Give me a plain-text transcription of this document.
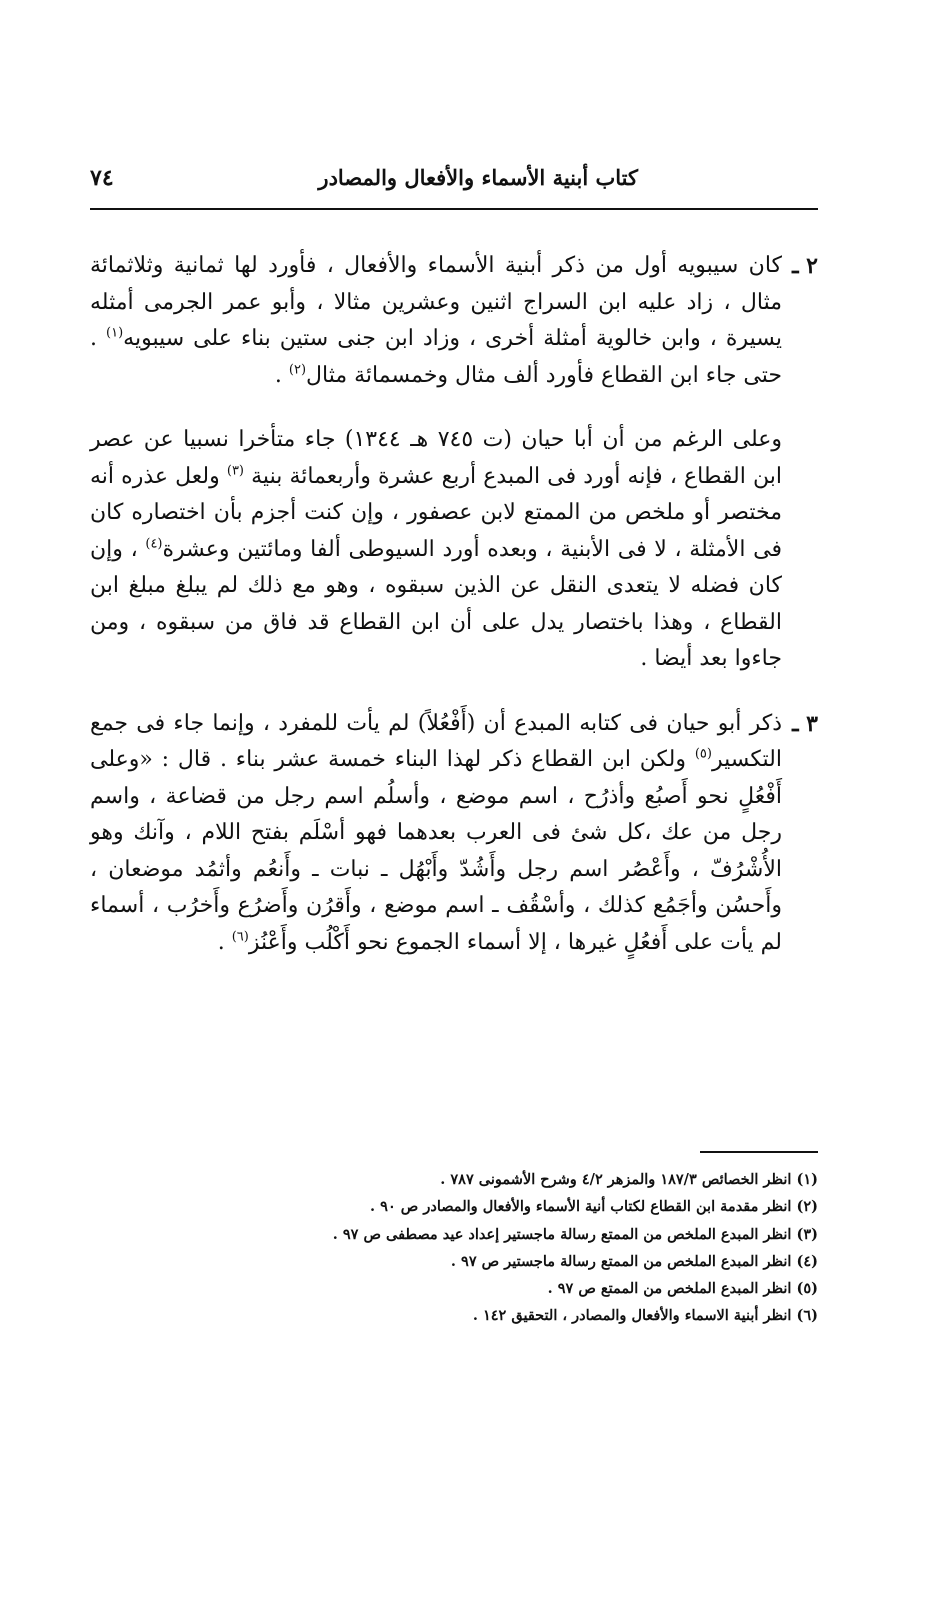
كتاب أبنية الأسماء والأفعال والمصادر
٧٤

٢ ـ
كان سيبويه أول من ذكر أبنية الأسماء والأفعال ، فأورد لها ثمانية وثلاثمائة مثال ، زاد عليه ابن السراج اثنين وعشرين مثالا ، وأبو عمر الجرمى أمثله يسيرة ، وابن خالوية أمثلة أخرى ، وزاد ابن جنى ستين بناء على سيبويه$^{(١)}$ . حتى جاء ابن القطاع فأورد ألف مثال وخمسمائة مثال$^{(٢)}$ .

وعلى الرغم من أن أبا حيان (ت ٧٤٥ هـ ١٣٤٤) جاء متأخرا نسبيا عن عصر ابن القطاع ، فإنه أورد فى المبدع أربع عشرة وأربعمائة بنية $^{(٣)}$ ولعل عذره أنه مختصر أو ملخص من الممتع لابن عصفور ، وإن كنت أجزم بأن اختصاره كان فى الأمثلة ، لا فى الأبنية ، وبعده أورد السيوطى ألفا ومائتين وعشرة$^{(٤)}$ ، وإن كان فضله لا يتعدى النقل عن الذين سبقوه ، وهو مع ذلك لم يبلغ مبلغ ابن القطاع ، وهذا باختصار يدل على أن ابن القطاع قد فاق من سبقوه ، ومن جاءوا بعد أيضا .

٣ ـ
ذكر أبو حيان فى كتابه المبدع أن (أَفْعُلاً) لم يأت للمفرد ، وإنما جاء فى جمع التكسير$^{(٥)}$ ولكن ابن القطاع ذكر لهذا البناء خمسة عشر بناء . قال : «وعلى أَفْعُلٍ نحو أَصبُع وأذرُح ، اسم موضع ، وأسلُم اسم رجل من قضاعة ، واسم رجل من عك ،كل شئ فى العرب بعدهما فهو أسْلَم بفتح اللام ، وآنك وهو الأُشْرُفّ ، وأَعْصُر اسم رجل وأَشُدّ وأَبْهُل ـ نبات ـ وأَنعُم وأثمُد موضعان ، وأَحسُن وأجَمُع كذلك ، وأسْقُف ـ اسم موضع ، وأَقرُن وأَضرُع وأَخرُب ، أسماء لم يأت على أَفعُلٍ غيرها ، إلا أسماء الجموع نحو أَكْلُب وأَعْنُز$^{(٦)}$ .

(١) انظر الخصائص ١٨٧/٣ والمزهر ٤/٢ وشرح الأشمونى ٧٨٧ .
(٢) انظر مقدمة ابن القطاع لكتاب أنية الأسماء والأفعال والمصادر ص ٩٠ .
(٣) انظر المبدع الملخص من الممتع رسالة ماجستير إعداد عيد مصطفى ص ٩٧ .
(٤) انظر المبدع الملخص من الممتع رسالة ماجستير ص ٩٧ .
(٥) انظر المبدع الملخص من الممتع ص ٩٧ .
(٦) انظر أبنية الاسماء والأفعال والمصادر ، التحقيق ١٤٢ .
